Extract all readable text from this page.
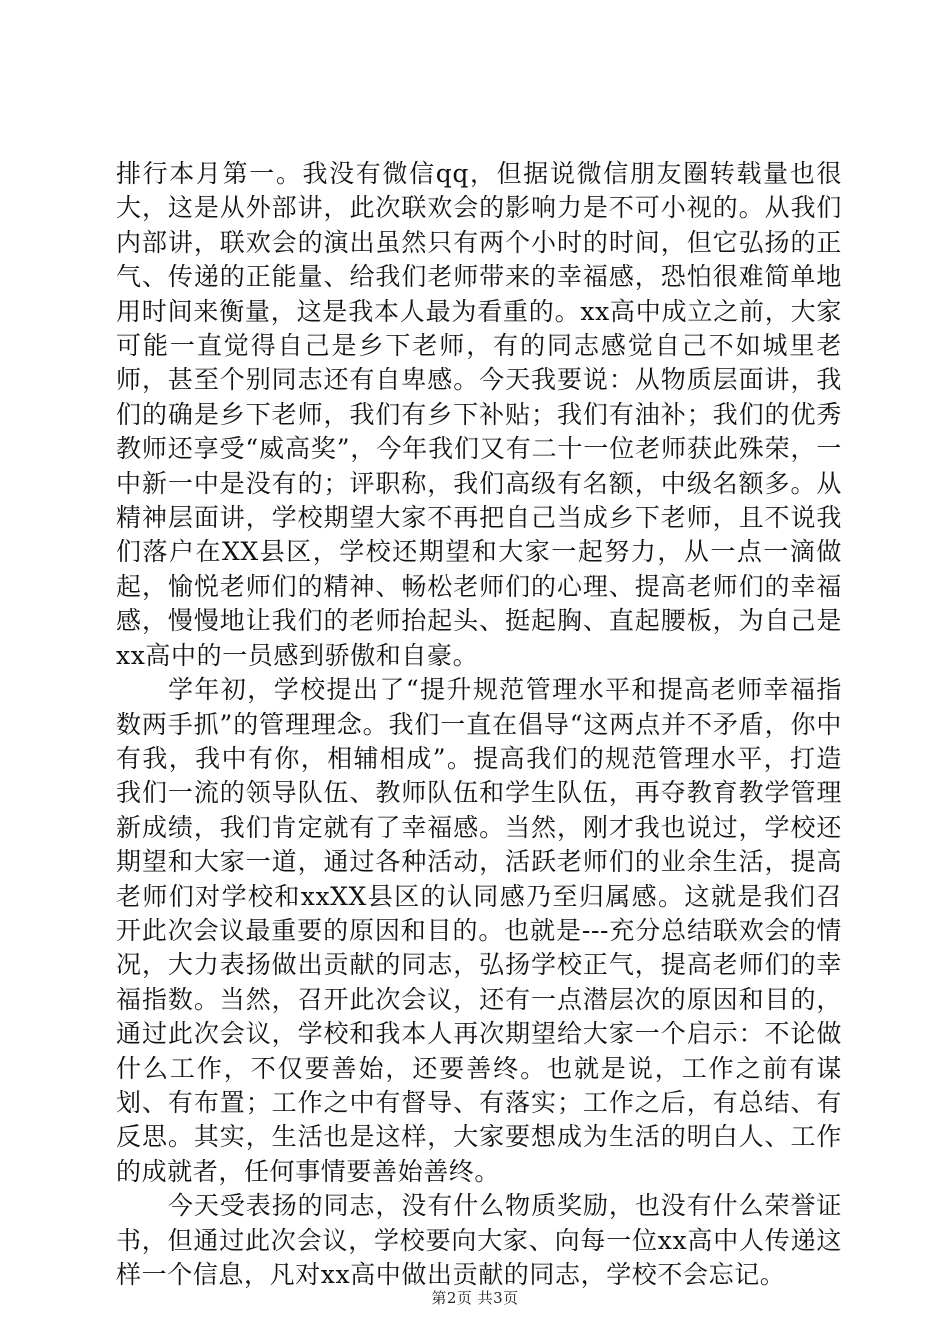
排行本月第一。我没有微信qq，但据说微信朋友圈转载量也很大，这是从外部讲，此次联欢会的影响力是不可小视的。从我们内部讲，联欢会的演出虽然只有两个小时的时间，但它弘扬的正气、传递的正能量、给我们老师带来的幸福感，恐怕很难简单地用时间来衡量，这是我本人最为看重的。xx高中成立之前，大家可能一直觉得自己是乡下老师，有的同志感觉自己不如城里老师，甚至个别同志还有自卑感。今天我要说：从物质层面讲，我们的确是乡下老师，我们有乡下补贴；我们有油补；我们的优秀教师还享受“威高奖”，今年我们又有二十一位老师获此殊荣，一中新一中是没有的；评职称，我们高级有名额，中级名额多。从精神层面讲，学校期望大家不再把自己当成乡下老师，且不说我们落户在XX县区，学校还期望和大家一起努力，从一点一滴做起，愉悦老师们的精神、畅松老师们的心理、提高老师们的幸福感，慢慢地让我们的老师抬起头、挺起胸、直起腰板，为自己是xx高中的一员感到骄傲和自豪。

学年初，学校提出了“提升规范管理水平和提高老师幸福指数两手抓”的管理理念。我们一直在倡导“这两点并不矛盾，你中有我，我中有你，相辅相成”。提高我们的规范管理水平，打造我们一流的领导队伍、教师队伍和学生队伍，再夺教育教学管理新成绩，我们肯定就有了幸福感。当然，刚才我也说过，学校还期望和大家一道，通过各种活动，活跃老师们的业余生活，提高老师们对学校和xxXX县区的认同感乃至归属感。这就是我们召开此次会议最重要的原因和目的。也就是---充分总结联欢会的情况，大力表扬做出贡献的同志，弘扬学校正气，提高老师们的幸福指数。当然，召开此次会议，还有一点潜层次的原因和目的，通过此次会议，学校和我本人再次期望给大家一个启示：不论做什么工作，不仅要善始，还要善终。也就是说，工作之前有谋划、有布置；工作之中有督导、有落实；工作之后，有总结、有反思。其实，生活也是这样，大家要想成为生活的明白人、工作的成就者，任何事情要善始善终。

今天受表扬的同志，没有什么物质奖励，也没有什么荣誉证书，但通过此次会议，学校要向大家、向每一位xx高中人传递这样一个信息，凡对xx高中做出贡献的同志，学校不会忘记。

第2页 共3页
